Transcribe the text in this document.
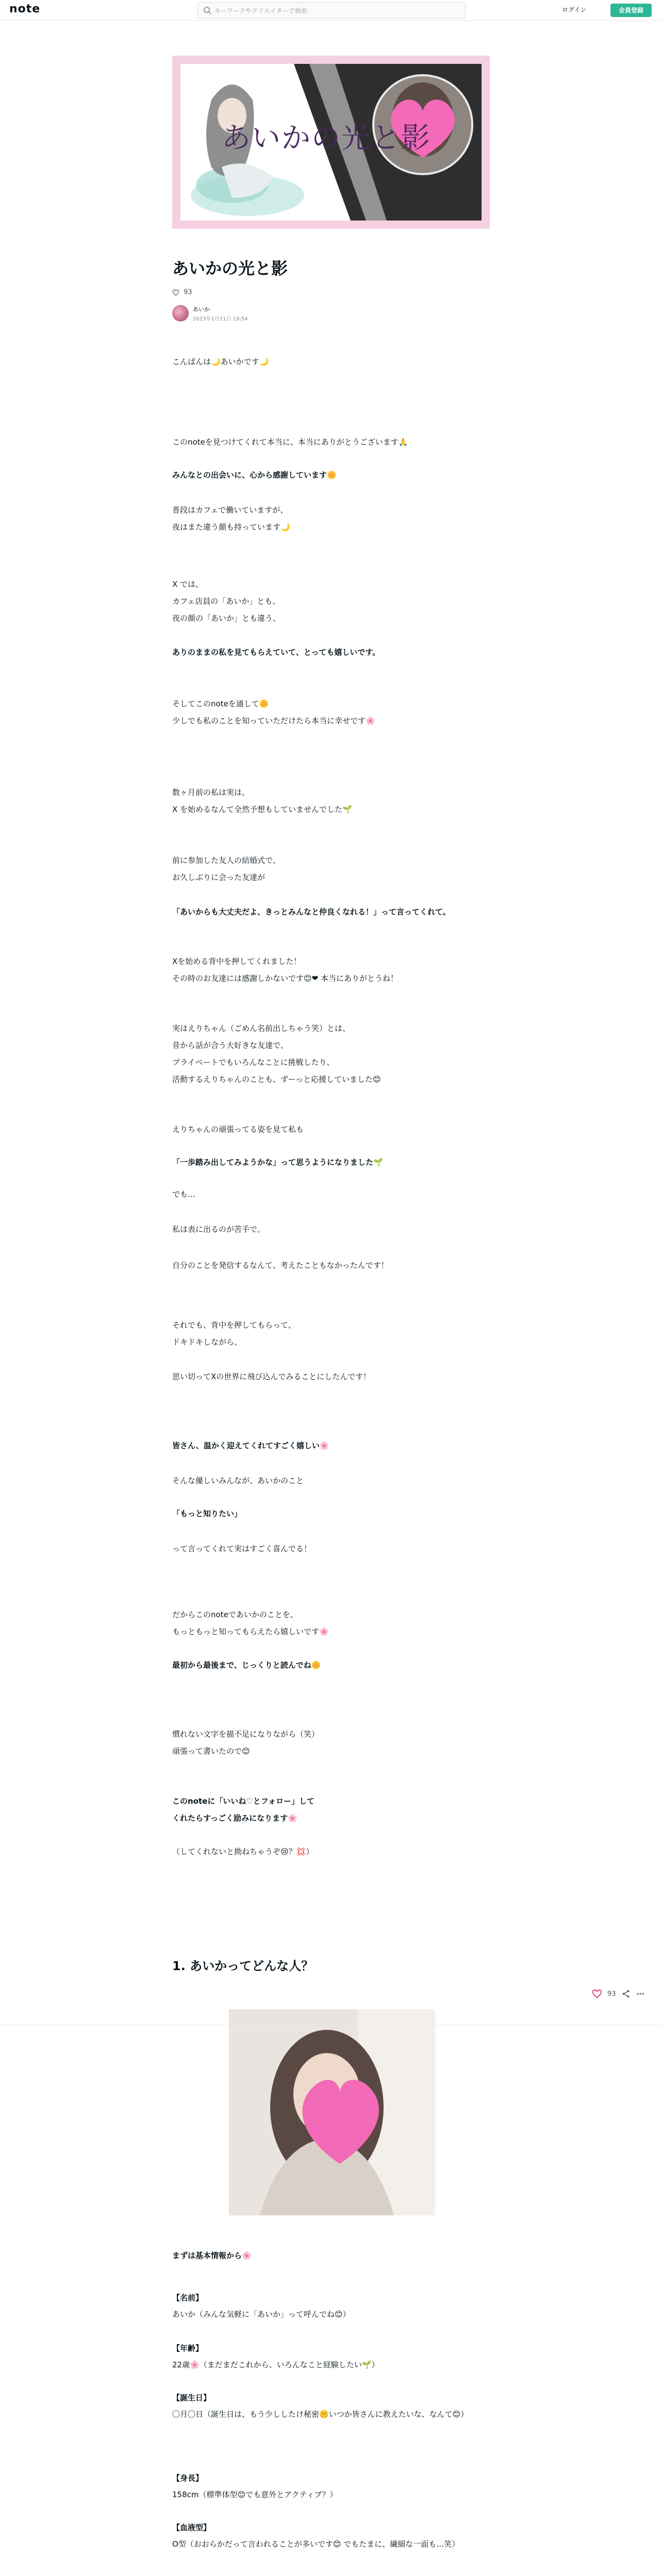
note
キーワードやクリエイターで検索	ログイン	会員登録
あいかの光と影
あいかの光と影
93
あいか
2023年1月11日 19:54
こんばんは🌙あいかです🌙
このnoteを見つけてくれて本当に、本当にありがとうございます🙏
みんなとの出会いに、心から感謝しています🌼
普段はカフェで働いていますが、
夜はまた違う顔も持っています🌙
X では、
カフェ店員の「あいか」とも、
夜の顔の「あいか」とも違う、
ありのままの私を見てもらえていて、とっても嬉しいです。
そしてこのnoteを通して🌼
少しでも私のことを知っていただけたら本当に幸せです🌸
数ヶ月前の私は実は、
X を始めるなんて全然予想もしていませんでした🌱
前に参加した友人の結婚式で、
お久しぶりに会った友達が
「あいからも大丈夫だよ、きっとみんなと仲良くなれる！」って言ってくれて。
Xを始める背中を押してくれました！
その時のお友達には感謝しかないです😊❤ 本当にありがとうね！
実はえりちゃん（ごめん名前出しちゃう笑）とは、
昔から話が合う大好きな友達で、
プライベートでもいろんなことに挑戦したり、
活動するえりちゃんのことも、ずーっと応援していました😊
えりちゃんの頑張ってる姿を見て私も
「一歩踏み出してみようかな」って思うようになりました🌱
でも…
私は表に出るのが苦手で。
自分のことを発信するなんて、考えたこともなかったんです！
それでも、背中を押してもらって、
ドキドキしながら、
思い切ってXの世界に飛び込んでみることにしたんです！
皆さん、温かく迎えてくれてすごく嬉しい🌸
そんな優しいみんなが、あいかのこと
「もっと知りたい」
って言ってくれて実はすごく喜んでる！
だからこのnoteであいかのことを、
もっともっと知ってもらえたら嬉しいです🌸
最初から最後まで、じっくりと読んでね🌼
慣れない文字を描不足になりながら（笑）
頑張って書いたので😊
このnoteに「いいね♡とフォロー」して
くれたらすっごく励みになります🌸
（してくれないと拗ねちゃうぞ😢？💢）
1. あいかってどんな人？
まずは基本情報から🌸
【名前】
あいか（みんな気軽に「あいか」って呼んでね😊）
【年齢】
22歳🌸（まだまだこれから、いろんなこと経験したい🌱）
【誕生日】
〇月〇日（誕生日は、もう少ししたけ秘密🤫いつか皆さんに教えたいな、なんて😊）
【身長】
158cm（標準体型😊でも意外とアクティブ？）
【血液型】
O型（おおらかだって言われることが多いです😊 でもたまに、繊細な一面も…笑）
93
